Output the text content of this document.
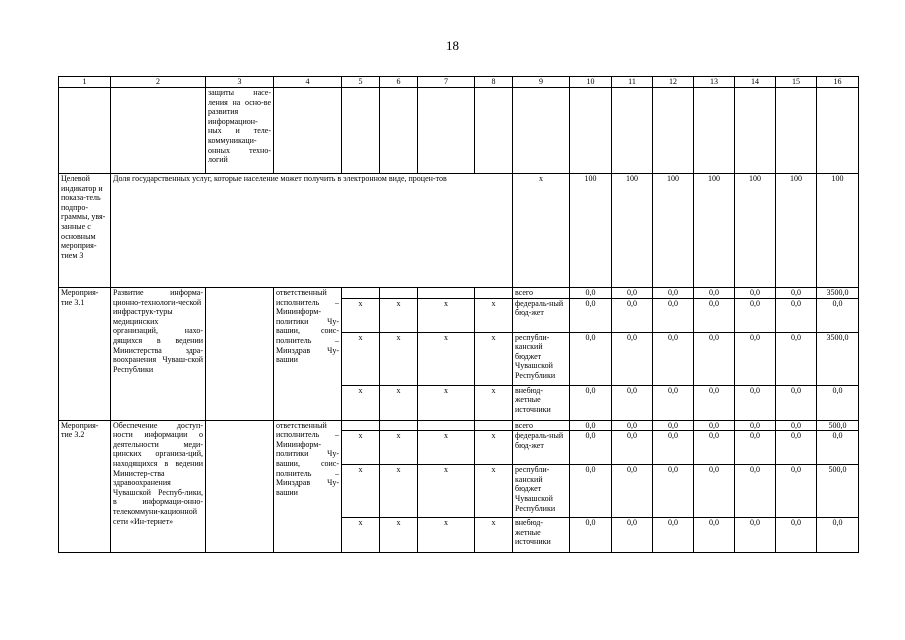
18
1	2	3	4	5	6	7	8	9	10	11	12	13	14	15	16
		защиты насе-ления на осно-ве развития информацион-ных и теле-коммуникаци-онных техно-логий													
Целевой индикатор и показа-тель подпро-граммы, увя-занные с основным мероприя-тием 3	Доля государственных услуг, которые население может получить в электронном виде, процен-тов							x	100	100	100	100	100	100	100
Мероприя-тие 3.1	Развитие информа-ционно-технологи-ческой инфраструк-туры медицинских организаций, нахо-дящихся в ведении Министерства здра-воохранения Чуваш-ской Республики		ответственный исполнитель – Mининформ-политики Чу-вашии, соис-полнитель – Минздрав Чу-вашии					всего	0,0	0,0	0,0	0,0	0,0	0,0	3500,0
				x	x	x	x	федераль-ный бюд-жет	0,0	0,0	0,0	0,0	0,0	0,0	0,0
				x	x	x	x	республи-канский бюджет Чувашской Республики	0,0	0,0	0,0	0,0	0,0	0,0	3500,0
				x	x	x	x	внебюд-жетные источники	0,0	0,0	0,0	0,0	0,0	0,0	0,0
Мероприя-тие 3.2	Обеспечение доступ-ности информации о деятельности меди-цинских организа-ций, находящихся в ведении Министер-ства здравоохранения Чувашской Респуб-лики, в информаци-онно-телекоммуни-кационной сети «Ин-тернет»		ответственный исполнитель – Mининформ-политики Чу-вашии, соис-полнитель – Минздрав Чу-вашии					всего	0,0	0,0	0,0	0,0	0,0	0,0	500,0
				x	x	x	x	федераль-ный бюд-жет	0,0	0,0	0,0	0,0	0,0	0,0	0,0
				x	x	x	x	республи-канский бюджет Чувашской Республики	0,0	0,0	0,0	0,0	0,0	0,0	500,0
				x	x	x	x	внебюд-жетные источники	0,0	0,0	0,0	0,0	0,0	0,0	0,0
